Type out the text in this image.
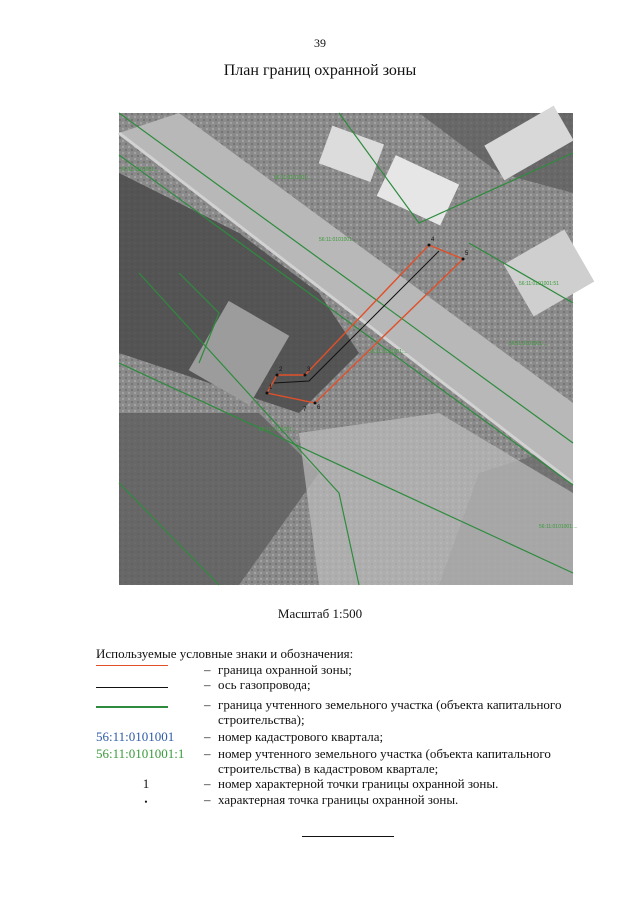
39
План границ охранной зоны
56:11:0101001:...
56:11:0101001:...
56:11:0101001:...
56:11:0101001:51
56:11:0101001:...
56:11:0101001:...
56:11:0101001:...
56:11:0101001:...
1
2	3
4
5
6
7
Масштаб 1:500
Используемые условные знаки и обозначения:
– граница охранной зоны;
– ось газопровода;
– граница учтенного земельного участка (объекта капитального строительства);
56:11:0101001	– номер кадастрового квартала;
56:11:0101001:1	– номер учтенного земельного участка (объекта капитального строительства) в кадастровом квартале;
1	– номер характерной точки границы охранной зоны.
•	– характерная точка границы охранной зоны.
